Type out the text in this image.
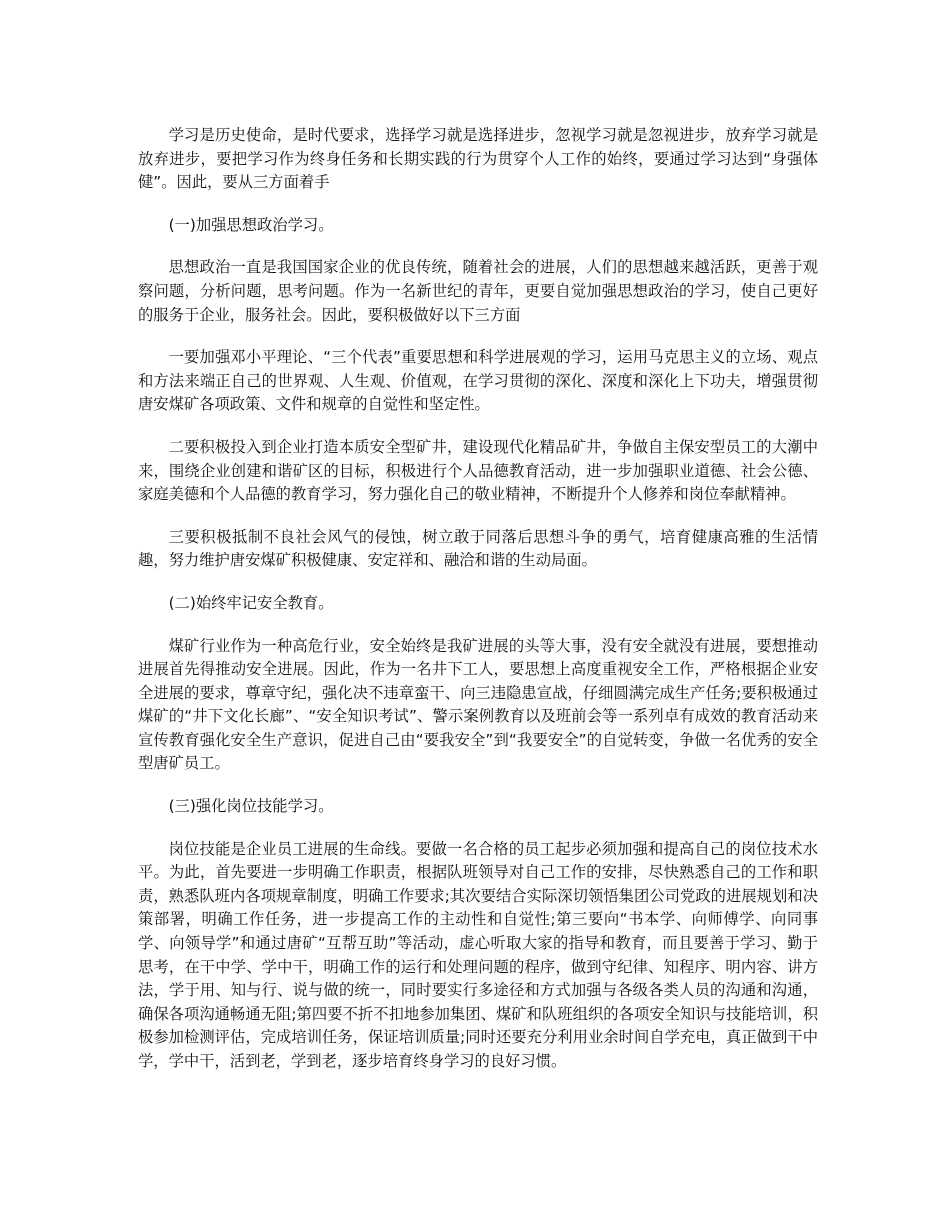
学习是历史使命，是时代要求，选择学习就是选择进步，忽视学习就是忽视进步，放弃学习就是放弃进步，要把学习作为终身任务和长期实践的行为贯穿个人工作的始终，要通过学习达到“身强体健”。因此，要从三方面着手

(一)加强思想政治学习。

思想政治一直是我国国家企业的优良传统，随着社会的进展，人们的思想越来越活跃，更善于观察问题，分析问题，思考问题。作为一名新世纪的青年，更要自觉加强思想政治的学习，使自己更好的服务于企业，服务社会。因此，要积极做好以下三方面

一要加强邓小平理论、“三个代表”重要思想和科学进展观的学习，运用马克思主义的立场、观点和方法来端正自己的世界观、人生观、价值观，在学习贯彻的深化、深度和深化上下功夫，增强贯彻唐安煤矿各项政策、文件和规章的自觉性和坚定性。

二要积极投入到企业打造本质安全型矿井，建设现代化精品矿井，争做自主保安型员工的大潮中来，围绕企业创建和谐矿区的目标，积极进行个人品德教育活动，进一步加强职业道德、社会公德、家庭美德和个人品德的教育学习，努力强化自己的敬业精神，不断提升个人修养和岗位奉献精神。

三要积极抵制不良社会风气的侵蚀，树立敢于同落后思想斗争的勇气，培育健康高雅的生活情趣，努力维护唐安煤矿积极健康、安定祥和、融洽和谐的生动局面。

(二)始终牢记安全教育。

煤矿行业作为一种高危行业，安全始终是我矿进展的头等大事，没有安全就没有进展，要想推动进展首先得推动安全进展。因此，作为一名井下工人，要思想上高度重视安全工作，严格根据企业安全进展的要求，尊章守纪，强化决不违章蛮干、向三违隐患宣战，仔细圆满完成生产任务;要积极通过煤矿的“井下文化长廊”、“安全知识考试”、警示案例教育以及班前会等一系列卓有成效的教育活动来宣传教育强化安全生产意识，促进自己由“要我安全”到“我要安全”的自觉转变，争做一名优秀的安全型唐矿员工。

(三)强化岗位技能学习。

岗位技能是企业员工进展的生命线。要做一名合格的员工起步必须加强和提高自己的岗位技术水平。为此，首先要进一步明确工作职责，根据队班领导对自己工作的安排，尽快熟悉自己的工作和职责，熟悉队班内各项规章制度，明确工作要求;其次要结合实际深切领悟集团公司党政的进展规划和决策部署，明确工作任务，进一步提高工作的主动性和自觉性;第三要向“书本学、向师傅学、向同事学、向领导学”和通过唐矿“互帮互助”等活动，虚心听取大家的指导和教育，而且要善于学习、勤于思考，在干中学、学中干，明确工作的运行和处理问题的程序，做到守纪律、知程序、明内容、讲方法，学于用、知与行、说与做的统一，同时要实行多途径和方式加强与各级各类人员的沟通和沟通，确保各项沟通畅通无阻;第四要不折不扣地参加集团、煤矿和队班组织的各项安全知识与技能培训，积极参加检测评估，完成培训任务，保证培训质量;同时还要充分利用业余时间自学充电，真正做到干中学，学中干，活到老，学到老，逐步培育终身学习的良好习惯。
